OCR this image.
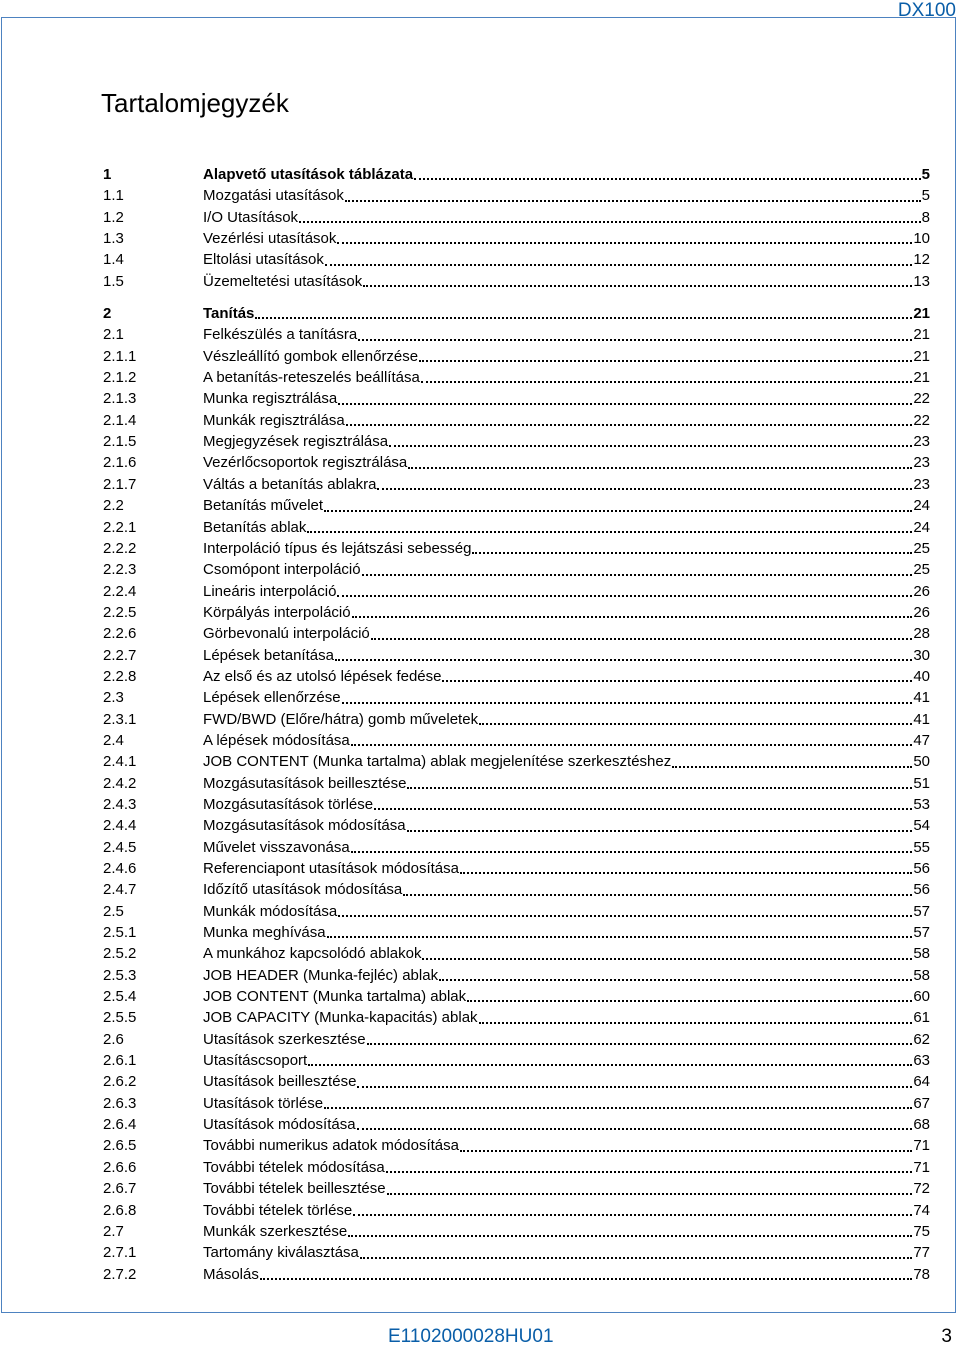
DX100
Tartalomjegyzék
1	Alapvető utasítások táblázata	5
1.1	Mozgatási utasítások	5
1.2	I/O Utasítások	8
1.3	Vezérlési utasítások	10
1.4	Eltolási utasítások	12
1.5	Üzemeltetési utasítások	13
2	Tanítás	21
2.1	Felkészülés a tanításra	21
2.1.1	Vészleállító gombok ellenőrzése	21
2.1.2	A betanítás-reteszelés beállítása	21
2.1.3	Munka regisztrálása	22
2.1.4	Munkák regisztrálása	22
2.1.5	Megjegyzések regisztrálása	23
2.1.6	Vezérlőcsoportok regisztrálása	23
2.1.7	Váltás a betanítás ablakra	23
2.2	Betanítás művelet	24
2.2.1	Betanítás ablak	24
2.2.2	Interpoláció típus és lejátszási sebesség	25
2.2.3	Csomópont interpoláció	25
2.2.4	Lineáris interpoláció	26
2.2.5	Körpályás interpoláció	26
2.2.6	Görbevonalú interpoláció	28
2.2.7	Lépések betanítása	30
2.2.8	Az első és az utolsó lépések fedése	40
2.3	Lépések ellenőrzése	41
2.3.1	FWD/BWD (Előre/hátra) gomb műveletek	41
2.4	A lépések módosítása	47
2.4.1	JOB CONTENT (Munka tartalma) ablak megjelenítése szerkesztéshez	50
2.4.2	Mozgásutasítások beillesztése	51
2.4.3	Mozgásutasítások törlése	53
2.4.4	Mozgásutasítások módosítása	54
2.4.5	Művelet visszavonása	55
2.4.6	Referenciapont utasítások módosítása	56
2.4.7	Időzítő utasítások módosítása	56
2.5	Munkák módosítása	57
2.5.1	Munka meghívása	57
2.5.2	A munkához kapcsolódó ablakok	58
2.5.3	JOB HEADER (Munka-fejléc) ablak	58
2.5.4	JOB CONTENT (Munka tartalma) ablak	60
2.5.5	JOB CAPACITY (Munka-kapacitás) ablak	61
2.6	Utasítások szerkesztése	62
2.6.1	Utasításcsoport	63
2.6.2	Utasítások beillesztése	64
2.6.3	Utasítások törlése	67
2.6.4	Utasítások módosítása	68
2.6.5	További numerikus adatok módosítása	71
2.6.6	További tételek módosítása	71
2.6.7	További tételek beillesztése	72
2.6.8	További tételek törlése	74
2.7	Munkák szerkesztése	75
2.7.1	Tartomány kiválasztása	77
2.7.2	Másolás	78
E1102000028HU01	3
